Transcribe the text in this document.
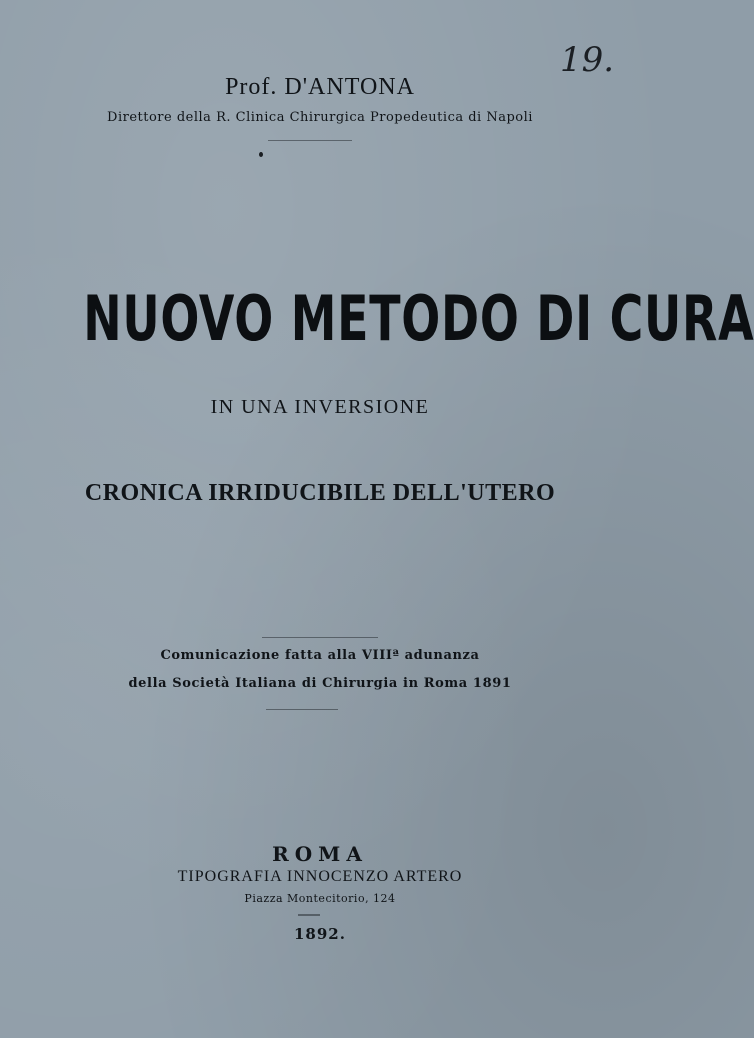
19.
Prof. D'ANTONA
Direttore della R. Clinica Chirurgica Propedeutica di Napoli
NUOVO METODO DI CURA
IN UNA INVERSIONE
CRONICA IRRIDUCIBILE DELL'UTERO
Comunicazione fatta alla VIIIª adunanza
della Società Italiana di Chirurgia in Roma 1891
ROMA
TIPOGRAFIA INNOCENZO ARTERO
Piazza Montecitorio, 124
1892.
